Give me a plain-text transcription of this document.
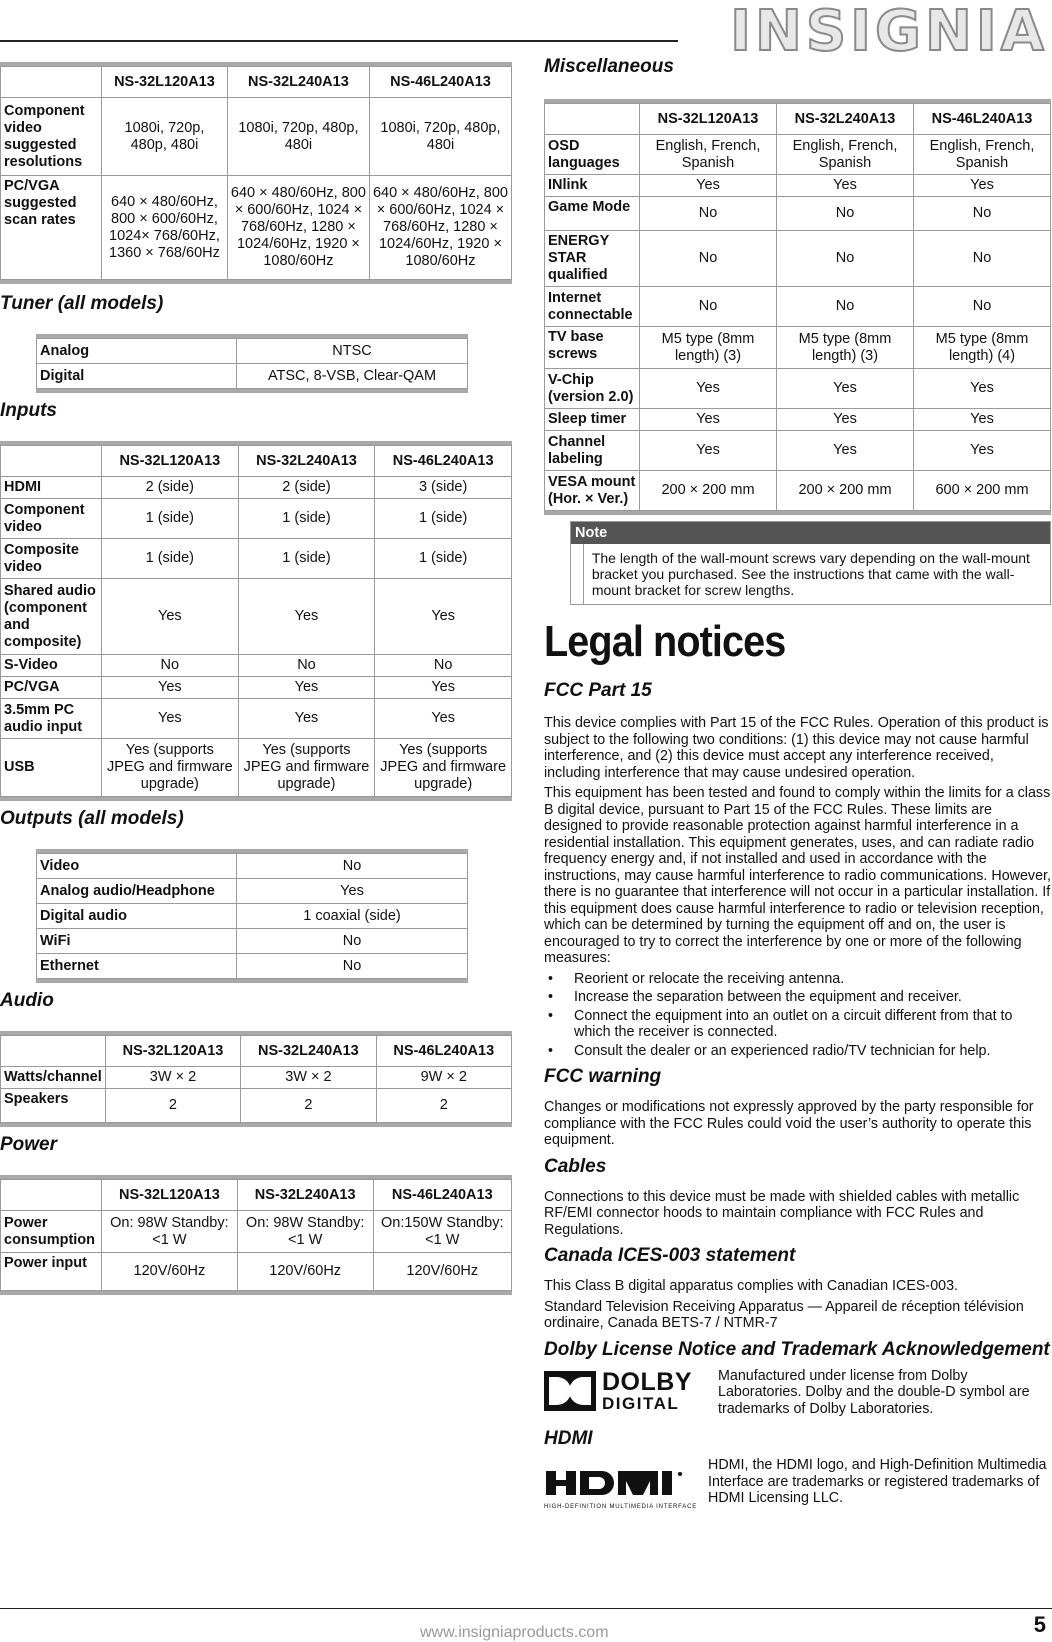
INSIGNIA
	NS-32L120A13	NS-32L240A13	NS-46L240A13
Component video suggested resolutions	1080i, 720p, 480p, 480i	1080i, 720p, 480p, 480i	1080i, 720p, 480p, 480i
PC/VGA suggested scan rates	640 × 480/60Hz, 800 × 600/60Hz, 1024× 768/60Hz, 1360 × 768/60Hz	640 × 480/60Hz, 800 × 600/60Hz, 1024 × 768/60Hz, 1280 × 1024/60Hz, 1920 × 1080/60Hz	640 × 480/60Hz, 800 × 600/60Hz, 1024 × 768/60Hz, 1280 × 1024/60Hz, 1920 × 1080/60Hz
Tuner (all models)
Analog	NTSC
Digital	ATSC, 8-VSB, Clear-QAM
Inputs
	NS-32L120A13	NS-32L240A13	NS-46L240A13
HDMI	2 (side)	2 (side)	3 (side)
Component video	1 (side)	1 (side)	1 (side)
Composite video	1 (side)	1 (side)	1 (side)
Shared audio (component and composite)	Yes	Yes	Yes
S-Video	No	No	No
PC/VGA	Yes	Yes	Yes
3.5mm PC audio input	Yes	Yes	Yes
USB	Yes (supports JPEG and firmware upgrade)	Yes (supports JPEG and firmware upgrade)	Yes (supports JPEG and firmware upgrade)
Outputs (all models)
Video	No
Analog audio/Headphone	Yes
Digital audio	1 coaxial (side)
WiFi	No
Ethernet	No
Audio
	NS-32L120A13	NS-32L240A13	NS-46L240A13
Watts/channel	3W × 2	3W × 2	9W × 2
Speakers	2	2	2
Power
	NS-32L120A13	NS-32L240A13	NS-46L240A13
Power consumption	On: 98W Standby: <1 W	On: 98W Standby: <1 W	On:150W Standby: <1 W
Power input	120V/60Hz	120V/60Hz	120V/60Hz
Miscellaneous
	NS-32L120A13	NS-32L240A13	NS-46L240A13
OSD languages	English, French, Spanish	English, French, Spanish	English, French, Spanish
INlink	Yes	Yes	Yes
Game Mode	No	No	No
ENERGY STAR qualified	No	No	No
Internet connectable	No	No	No
TV base screws	M5 type (8mm length) (3)	M5 type (8mm length) (3)	M5 type (8mm length) (4)
V-Chip (version 2.0)	Yes	Yes	Yes
Sleep timer	Yes	Yes	Yes
Channel labeling	Yes	Yes	Yes
VESA mount (Hor. × Ver.)	200 × 200 mm	200 × 200 mm	600 × 200 mm
Note
The length of the wall-mount screws vary depending on the wall-mount bracket you purchased. See the instructions that came with the wall-mount bracket for screw lengths.
Legal notices
FCC Part 15

This device complies with Part 15 of the FCC Rules. Operation of this product is subject to the following two conditions: (1) this device may not cause harmful interference, and (2) this device must accept any interference received, including interference that may cause undesired operation.

This equipment has been tested and found to comply within the limits for a class B digital device, pursuant to Part 15 of the FCC Rules. These limits are designed to provide reasonable protection against harmful interference in a residential installation. This equipment generates, uses, and can radiate radio frequency energy and, if not installed and used in accordance with the instructions, may cause harmful interference to radio communications. However, there is no guarantee that interference will not occur in a particular installation. If this equipment does cause harmful interference to radio or television reception, which can be determined by turning the equipment off and on, the user is encouraged to try to correct the interference by one or more of the following measures:

• Reorient or relocate the receiving antenna.
• Increase the separation between the equipment and receiver.
• Connect the equipment into an outlet on a circuit different from that to which the receiver is connected.
• Consult the dealer or an experienced radio/TV technician for help.
FCC warning

Changes or modifications not expressly approved by the party responsible for compliance with the FCC Rules could void the user’s authority to operate this equipment.

Cables

Connections to this device must be made with shielded cables with metallic RF/EMI connector hoods to maintain compliance with FCC Rules and Regulations.

Canada ICES-003 statement

This Class B digital apparatus complies with Canadian ICES-003.

Standard Television Receiving Apparatus — Appareil de réception télévision ordinaire, Canada BETS-7 / NTMR-7

Dolby License Notice and Trademark Acknowledgement
DOLBY
DIGITAL

Manufactured under license from Dolby Laboratories. Dolby and the double-D symbol are trademarks of Dolby Laboratories.

HDMI
HIGH-DEFINITION MULTIMEDIA INTERFACE

HDMI, the HDMI logo, and High-Definition Multimedia Interface are trademarks or registered trademarks of HDMI Licensing LLC.

www.insigniaproducts.com	5
